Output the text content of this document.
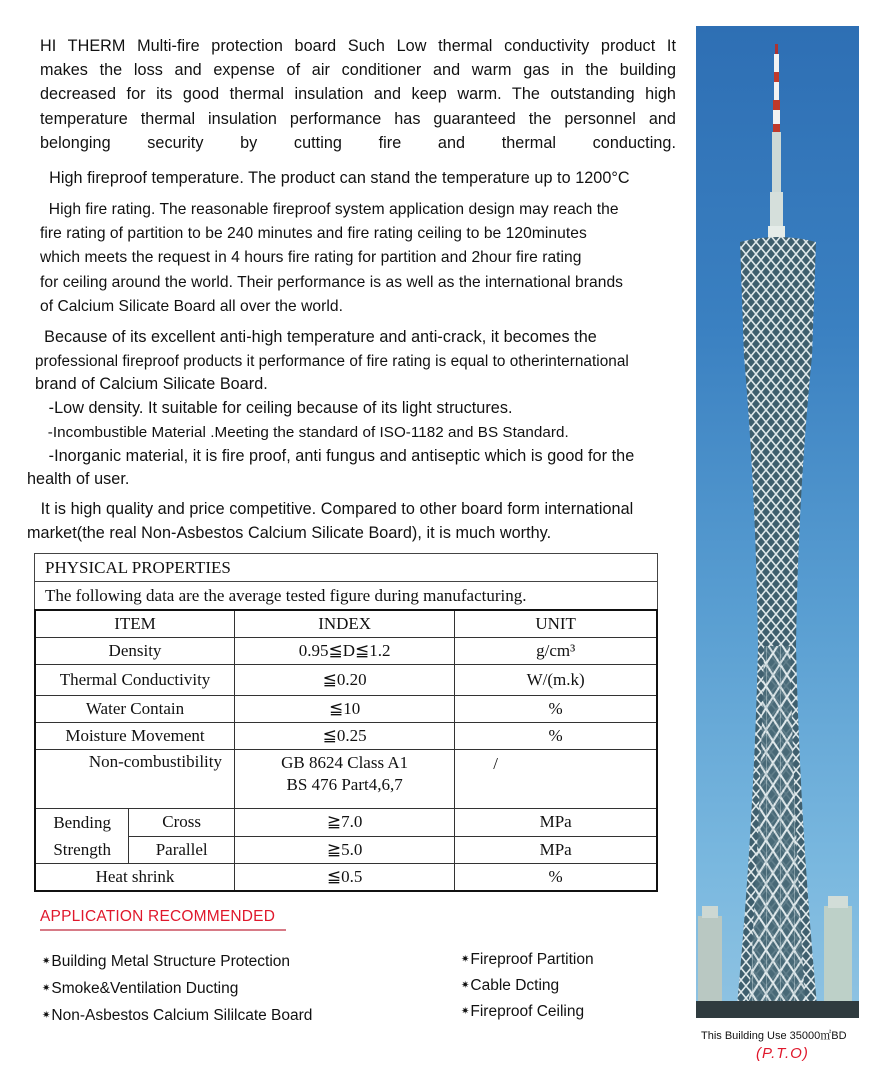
HI THERM Multi-fire protection board Such Low thermal conductivity product It
makes the loss and expense of air conditioner and warm gas in the building
decreased for its good thermal insulation and keep warm. The outstanding high
temperature thermal insulation performance has guaranteed the personnel and
belonging security by cutting fire and thermal conducting.
High fireproof temperature. The product can stand the temperature up to 1200°C
High fire rating. The reasonable fireproof system application design may reach the
fire rating of partition to be 240 minutes and fire rating ceiling to be 120minutes
which meets the request in 4 hours fire rating for partition and 2hour fire rating
for ceiling around the world. Their performance is as well as the international brands
of Calcium Silicate Board all over the world.
Because of its excellent anti-high temperature and anti-crack, it becomes the
professional fireproof products it performance of fire rating is equal to otherinternational
brand of Calcium Silicate Board.
-Low density. It suitable for ceiling because of its light structures.
-Incombustible Material .Meeting the standard of ISO-1182 and BS Standard.
-Inorganic material, it is fire proof, anti fungus and antiseptic which is good for the
health of user.
It is high quality and price competitive. Compared to other board form international
market(the real Non-Asbestos Calcium Silicate Board), it is much worthy.
PHYSICAL PROPERTIES
The following data are the average tested figure during manufacturing.
ITEM		INDEX	UNIT
Density		0.95≦D≦1.2	g/cm³
Thermal Conductivity		≦0.20	W/(m.k)
Water Contain		≦10	%
Moisture Movement		≦0.25	%
Non-combustibility		GB 8624 Class A1
BS 476 Part4,6,7	/

Bending
Strength	Cross	≧7.0	MPa
	Parallel	≧5.0	MPa
Heat shrink		≦0.5	%
APPLICATION RECOMMENDED
✷Building Metal Structure Protection
✷Smoke&Ventilation Ducting
✷Non-Asbestos Calcium Sililcate Board
✷Fireproof Partition
✷Cable Dcting
✷Fireproof Ceiling
This Building Use 35000㎡BD
(P.T.O)
